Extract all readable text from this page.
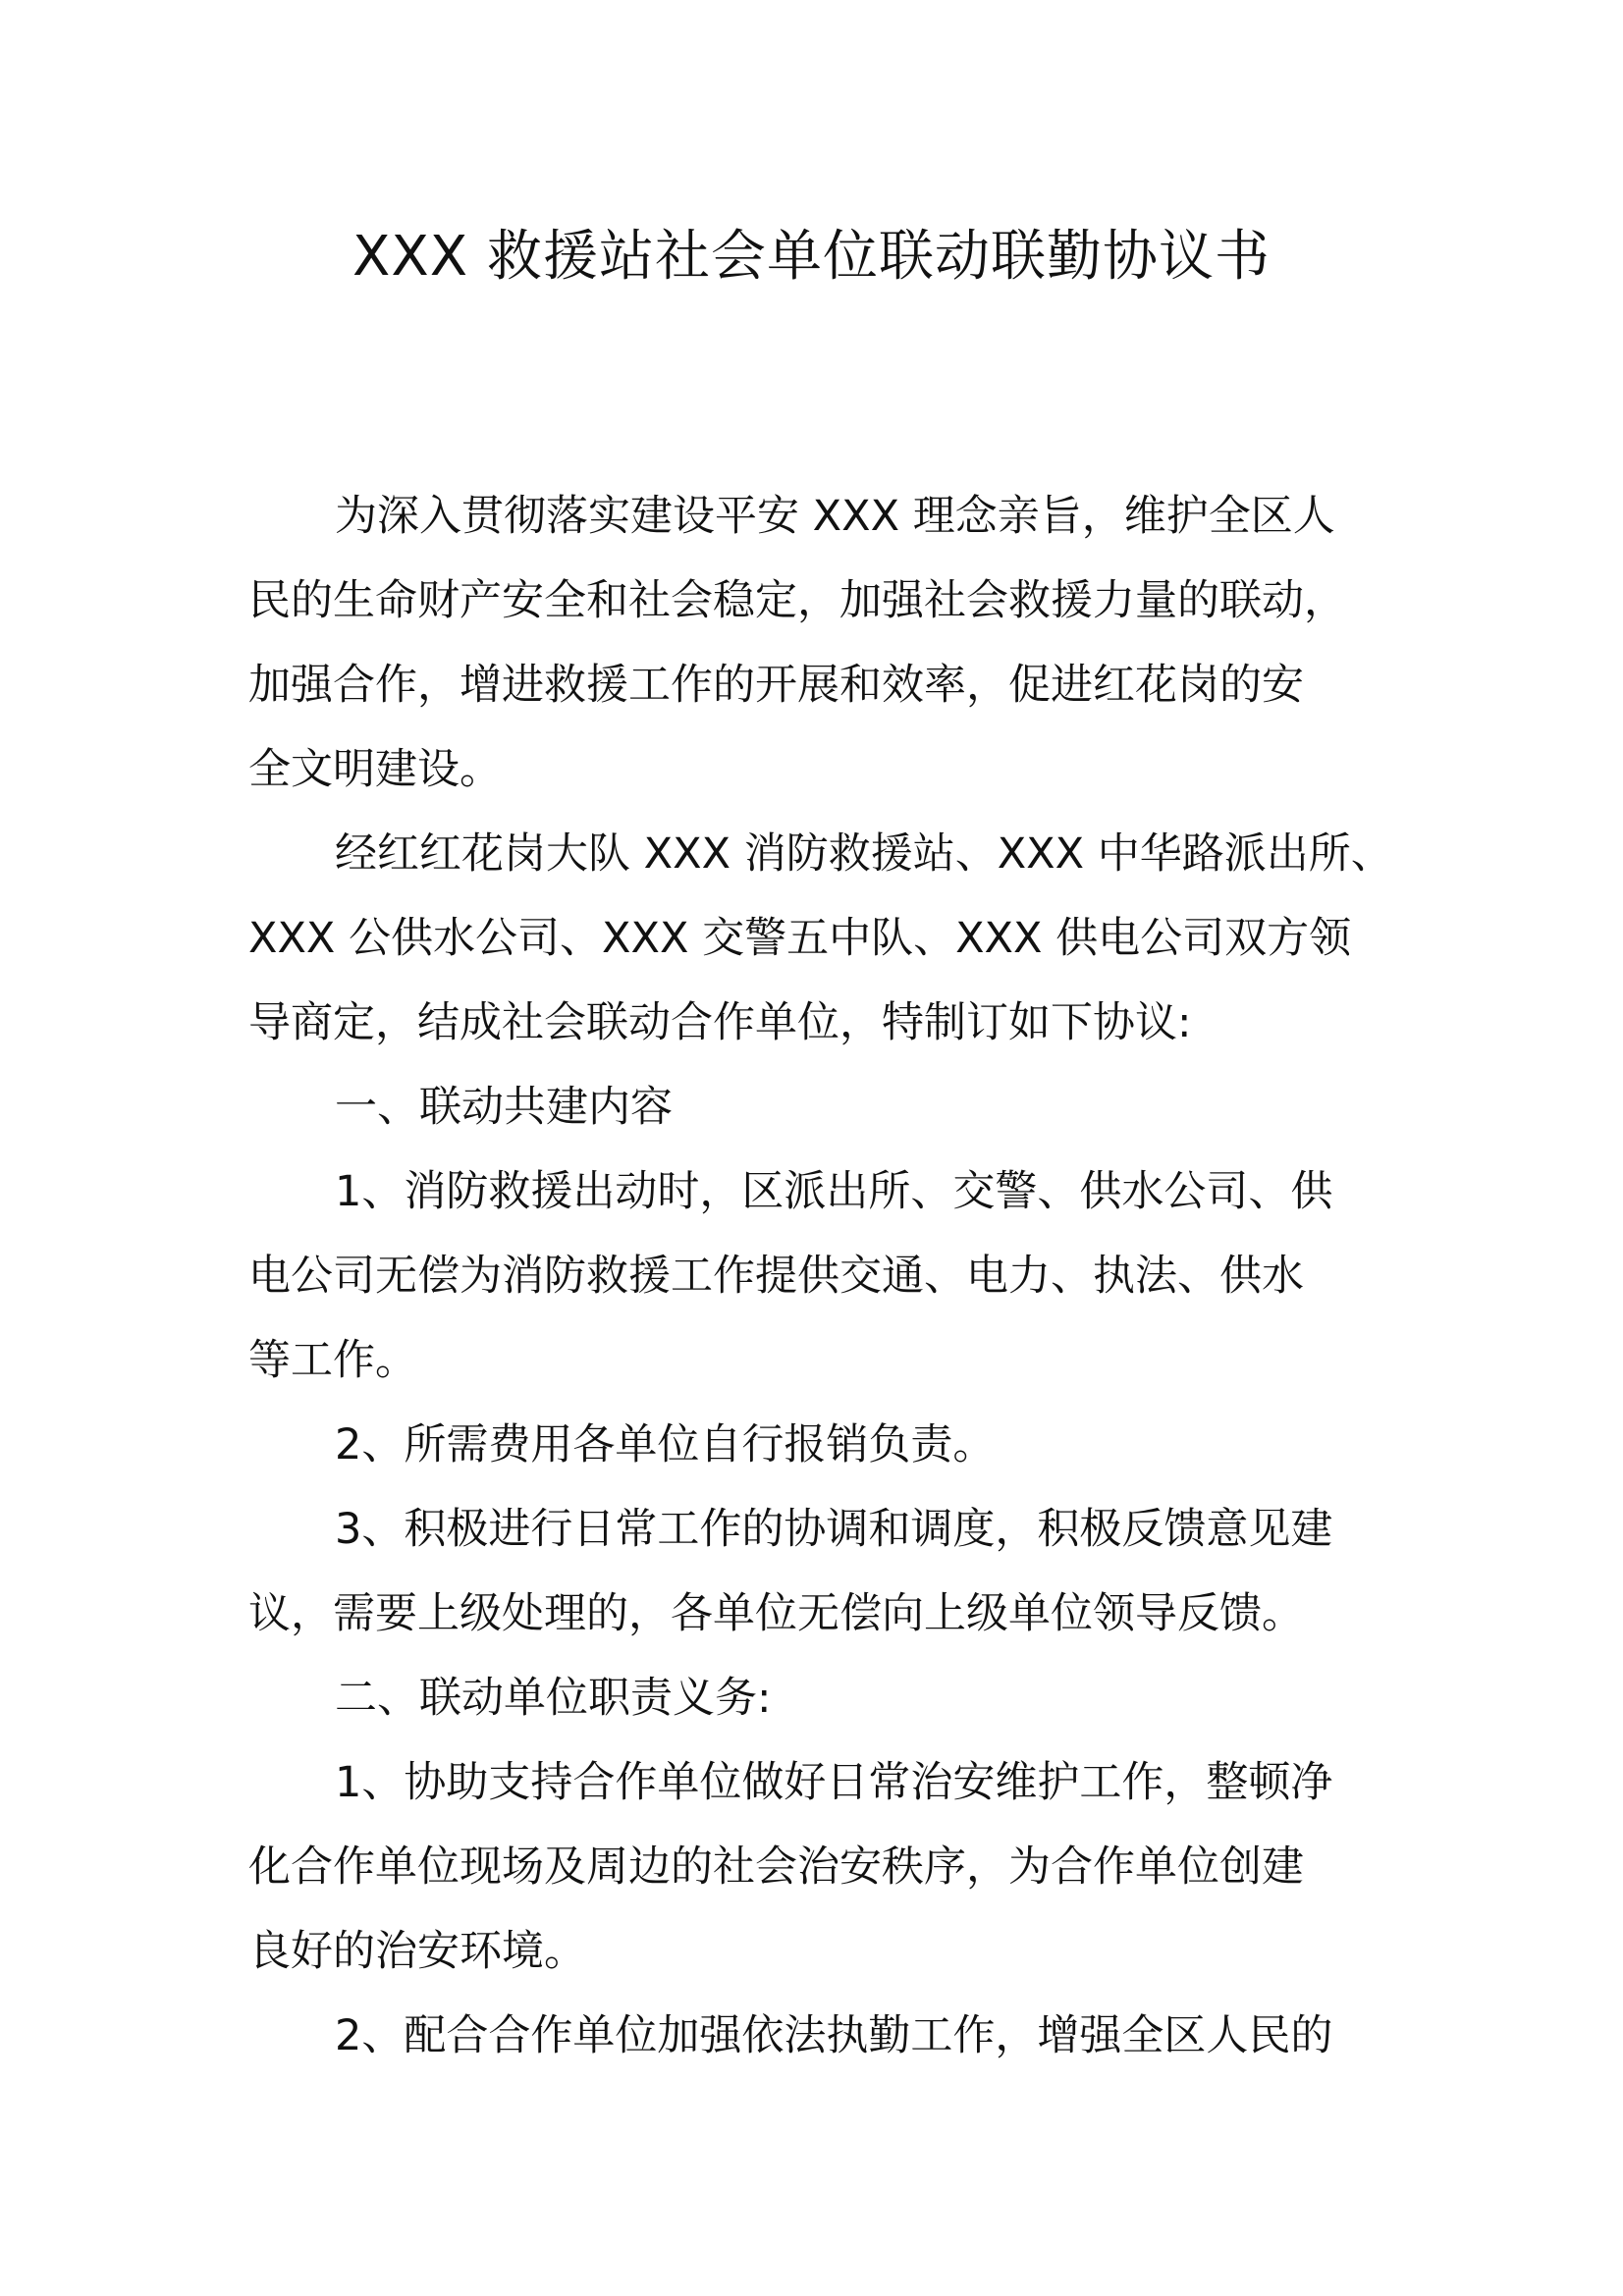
XXX 救援站社会单位联动联勤协议书
为深入贯彻落实建设平安 XXX 理念亲旨，维护全区人
民的生命财产安全和社会稳定，加强社会救援力量的联动，
加强合作，增进救援工作的开展和效率，促进红花岗的安
全文明建设。
经红红花岗大队 XXX 消防救援站、XXX 中华路派出所、
XXX 公供水公司、XXX 交警五中队、XXX 供电公司双方领
导商定，结成社会联动合作单位，特制订如下协议:
一、联动共建内容
1、消防救援出动时，区派出所、交警、供水公司、供
电公司无偿为消防救援工作提供交通、电力、执法、供水
等工作。
2、所需费用各单位自行报销负责。
3、积极进行日常工作的协调和调度，积极反馈意见建
议，需要上级处理的，各单位无偿向上级单位领导反馈。
二、联动单位职责义务:
1、协助支持合作单位做好日常治安维护工作，整顿净
化合作单位现场及周边的社会治安秩序，为合作单位创建
良好的治安环境。
2、配合合作单位加强依法执勤工作，增强全区人民的
